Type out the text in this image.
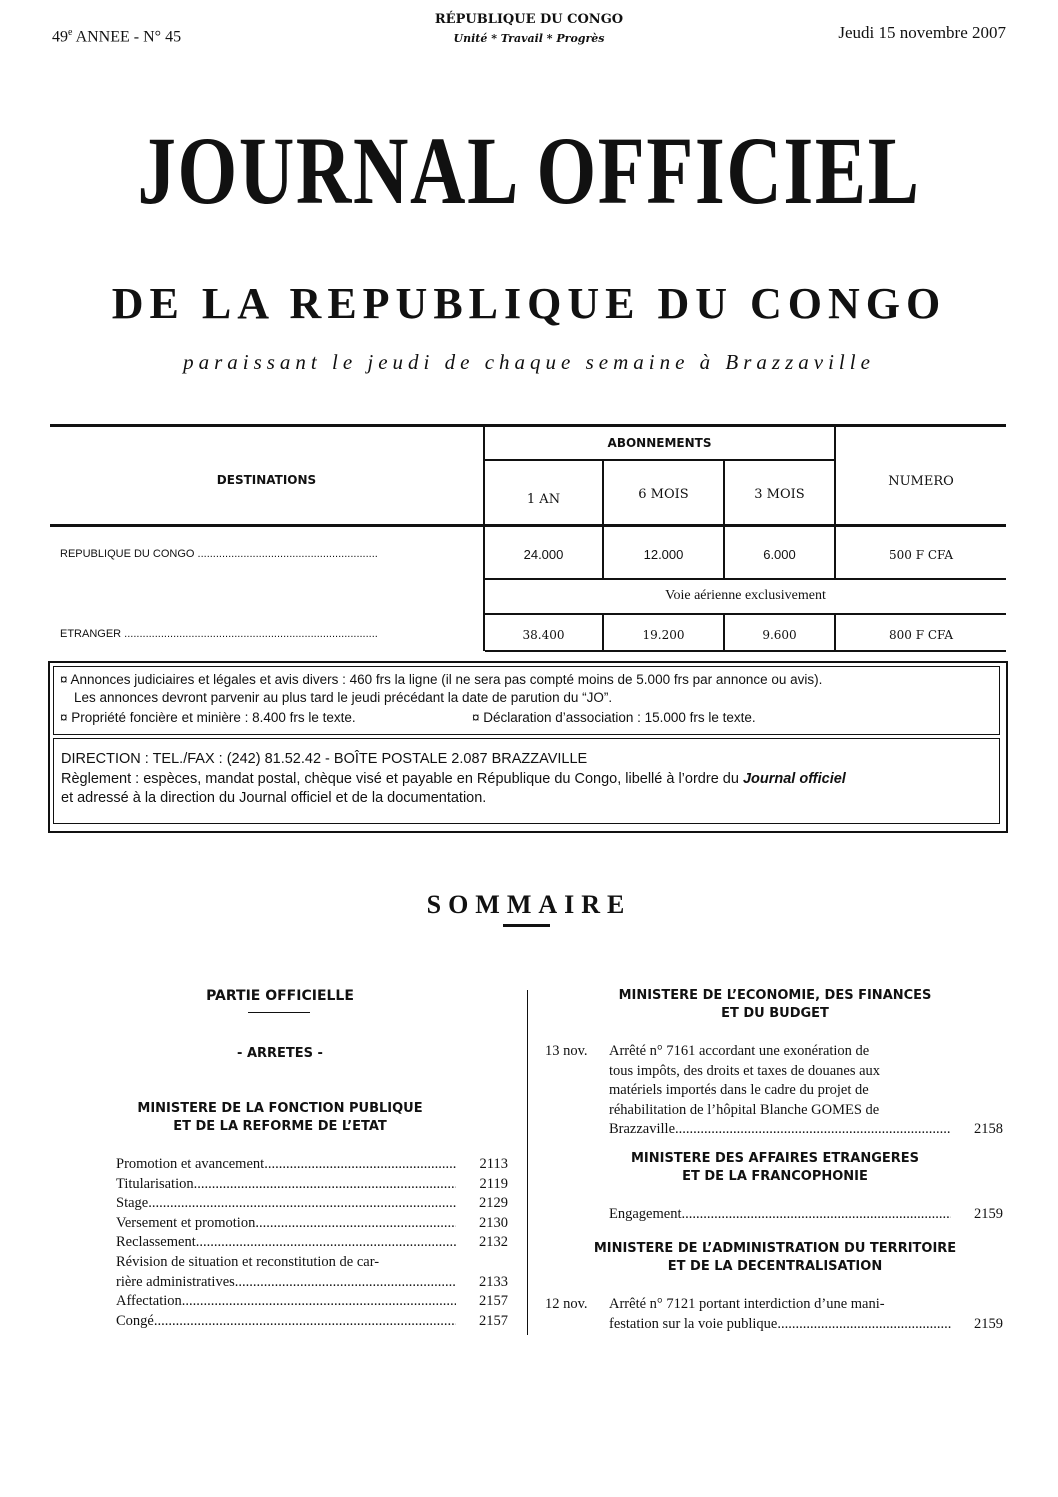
49e ANNEE - N° 45
RÉPUBLIQUE DU CONGO
Unité * Travail * Progrès	Jeudi 15 novembre 2007
JOURNAL OFFICIEL
DE LA REPUBLIQUE DU CONGO
paraissant le jeudi de chaque semaine à Brazzaville
DESTINATIONS
ABONNEMENTS
1 AN	6 MOIS	3 MOIS
NUMERO
REPUBLIQUE DU CONGO ...........................................................	24.000	12.000	6.000	500 F CFA
Voie aérienne exclusivement
ETRANGER ...................................................................................	38.400	19.200	9.600	800 F CFA
¤ Annonces judiciaires et légales et avis divers : 460 frs la ligne (il ne sera pas compté moins de 5.000 frs par annonce ou avis).
Les annonces devront parvenir au plus tard le jeudi précédant la date de parution du “JO”.
¤ Propriété foncière et minière : 8.400 frs le texte.	¤ Déclaration d’association : 15.000 frs le texte.
DIRECTION : TEL./FAX : (242) 81.52.42 - BOÎTE POSTALE 2.087 BRAZZAVILLE
Règlement : espèces, mandat postal, chèque visé et payable en République du Congo, libellé à l’ordre du Journal officiel
et adressé à la direction du Journal officiel et de la documentation.
SOMMAIRE
PARTIE OFFICIELLE
- ARRETES -
MINISTERE DE LA FONCTION PUBLIQUE
ET DE LA REFORME DE L’ETAT
Promotion et avancement .....	2113
Titularisation .....	2119
Stage .....	2129
Versement et promotion .....	2130
Reclassement .....	2132
Révision de situation et reconstitution de car-
rière administratives .....	2133
Affectation .....	2157
Congé .....	2157
MINISTERE DE L’ECONOMIE, DES FINANCES
ET DU BUDGET
13 nov.	Arrêté n° 7161 accordant une exonération de
tous impôts, des droits et taxes de douanes aux
matériels importés dans le cadre du projet de
réhabilitation de l’hôpital Blanche GOMES de
Brazzaville. .....	2158
MINISTERE DES AFFAIRES ETRANGERES
ET DE LA FRANCOPHONIE
Engagement .....	2159
MINISTERE DE L’ADMINISTRATION DU TERRITOIRE
ET DE LA DECENTRALISATION
12 nov.	Arrêté n° 7121 portant interdiction d’une mani-
festation sur la voie publique. .....	2159
